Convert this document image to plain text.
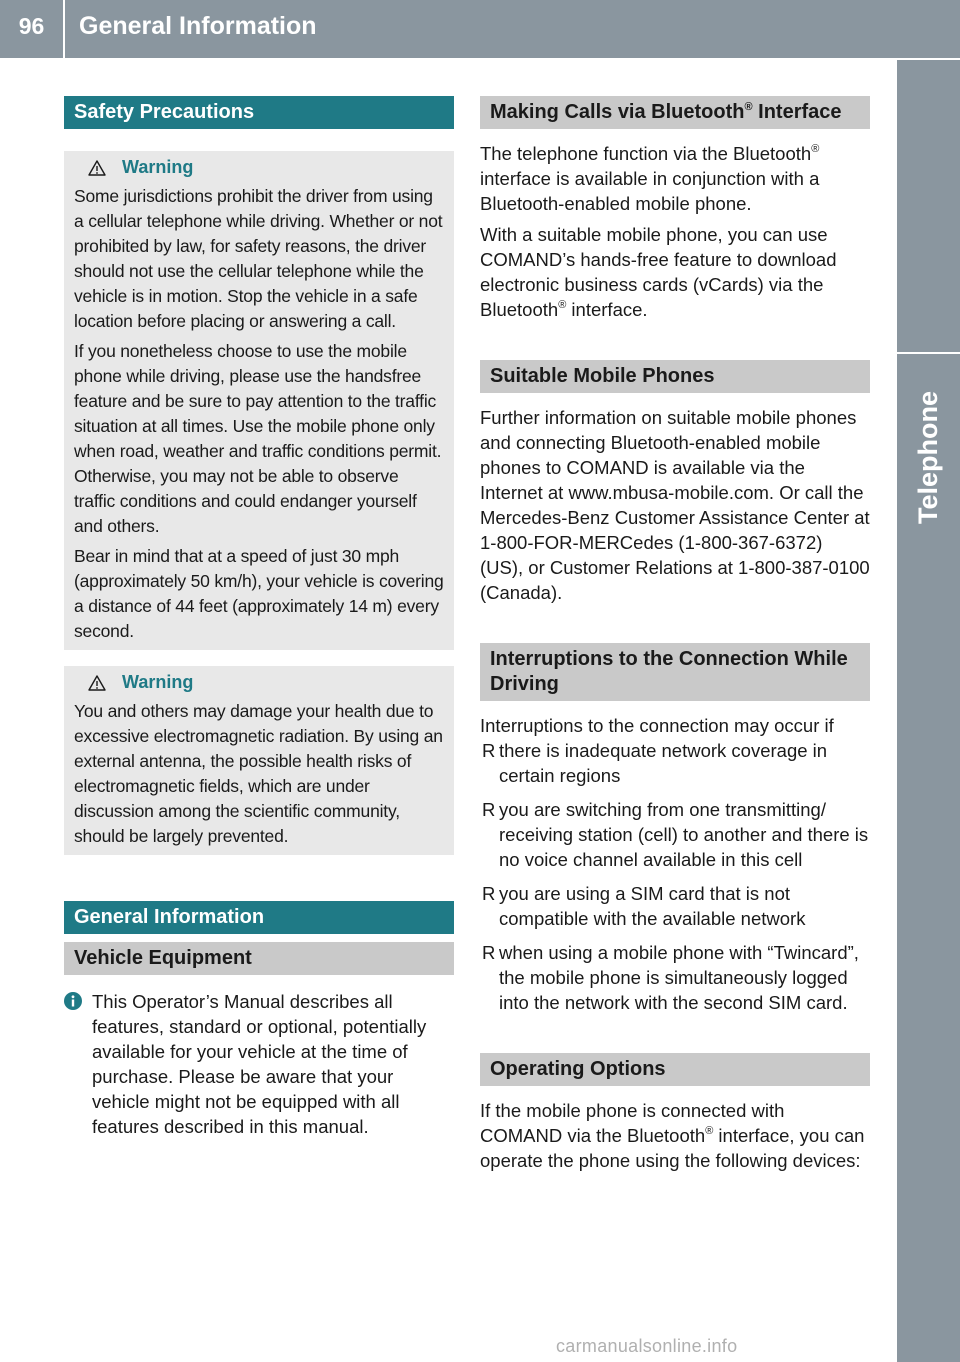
96	General Information
Telephone
Safety Precautions
Warning

Some jurisdictions prohibit the driver from using a cellular telephone while driving. Whether or not prohibited by law, for safety reasons, the driver should not use the cellular telephone while the vehicle is in motion. Stop the vehicle in a safe location before placing or answering a call.

If you nonetheless choose to use the mobile phone while driving, please use the handsfree feature and be sure to pay attention to the traffic situation at all times. Use the mobile phone only when road, weather and traffic conditions permit. Otherwise, you may not be able to observe traffic conditions and could endanger yourself and others.

Bear in mind that at a speed of just 30 mph (approximately 50 km/h), your vehicle is covering a distance of 44 feet (approximately 14 m) every second.

Warning

You and others may damage your health due to excessive electromagnetic radiation. By using an external antenna, the possible health risks of electromagnetic fields, which are under discussion among the scientific community, should be largely prevented.

General Information
Vehicle Equipment
This Operator’s Manual describes all features, standard or optional, potentially available for your vehicle at the time of purchase. Please be aware that your vehicle might not be equipped with all features described in this manual.
Making Calls via Bluetooth® Interface

The telephone function via the Bluetooth® interface is available in conjunction with a Bluetooth-enabled mobile phone.

With a suitable mobile phone, you can use COMAND’s hands-free feature to download electronic business cards (vCards) via the Bluetooth® interface.

Suitable Mobile Phones

Further information on suitable mobile phones and connecting Bluetooth-enabled mobile phones to COMAND is available via the Internet at www.mbusa-mobile.com. Or call the Mercedes-Benz Customer Assistance Center at 1-800-FOR-MERCedes (1-800-367-6372) (US), or Customer Relations at 1-800-387-0100 (Canada).

Interruptions to the Connection While Driving

Interruptions to the connection may occur if

R there is inadequate network coverage in certain regions
R you are switching from one transmitting/ receiving station (cell) to another and there is no voice channel available in this cell
R you are using a SIM card that is not compatible with the available network
R when using a mobile phone with “Twincard”, the mobile phone is simultaneously logged into the network with the second SIM card.
Operating Options

If the mobile phone is connected with COMAND via the Bluetooth® interface, you can operate the phone using the following devices:

carmanualsonline.info
